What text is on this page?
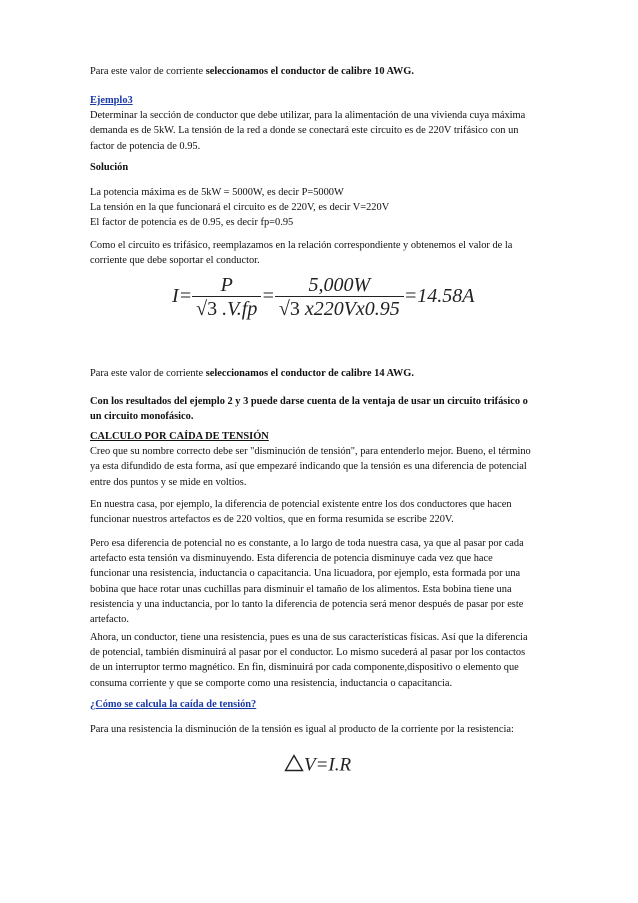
Para este valor de corriente seleccionamos el conductor de calibre 10 AWG.

Ejemplo3
Determinar la sección de conductor que debe utilizar, para la alimentación de una vivienda cuya máxima
demanda es de 5kW. La tensión de la red a donde se conectará este circuito es de 220V trifásico con un
factor de potencia de 0.95.

Solución

La potencia máxima es de 5kW = 5000W, es decir P=5000W
La tensión en la que funcionará el circuito es de 220V, es decir V=220V
El factor de potencia es de 0.95, es decir fp=0.95

Como el circuito es trifásico, reemplazamos en la relación correspondiente y obtenemos el valor de la
corriente que debe soportar el conductor.

$I= \frac{P}{√3 .V.fp} = \frac{5,000W}{√3 x220Vx0.95} =14.58A$

Para este valor de corriente seleccionamos el conductor de calibre 14 AWG.

Con los resultados del ejemplo 2 y 3 puede darse cuenta de la ventaja de usar un circuito trifásico o
un circuito monofásico.

CALCULO POR CAÍDA DE TENSIÓN
Creo que su nombre correcto debe ser "disminución de tensión", para entenderlo mejor. Bueno, el término
ya esta difundido de esta forma, así que empezaré indicando que la tensión es una diferencia de potencial
entre dos puntos y se mide en voltios.

En nuestra casa, por ejemplo, la diferencia de potencial existente entre los dos conductores que hacen
funcionar nuestros artefactos es de 220 voltios, que en forma resumida se escribe 220V.

Pero esa diferencia de potencial no es constante, a lo largo de toda nuestra casa, ya que al pasar por cada
artefacto esta tensión va disminuyendo. Esta diferencia de potencia disminuye cada vez que hace
funcionar una resistencia, inductancia o capacitancia. Una licuadora, por ejemplo, esta formada por una
bobina que hace rotar unas cuchillas para disminuir el tamaño de los alimentos. Esta bobina tiene una
resistencia y una inductancia, por lo tanto la diferencia de potencia será menor después de pasar por este
artefacto.

Ahora, un conductor, tiene una resistencia, pues es una de sus características físicas. Así que la diferencia
de potencial, también disminuirá al pasar por el conductor. Lo mismo sucederá al pasar por los contactos
de un interruptor termo magnético. En fin, disminuirá por cada componente,dispositivo o elemento que
consuma corriente y que se comporte como una resistencia, inductancia o capacitancia.

¿Cómo se calcula la caída de tensión?

Para una resistencia la disminución de la tensión es igual al producto de la corriente por la resistencia:

V=I.R
